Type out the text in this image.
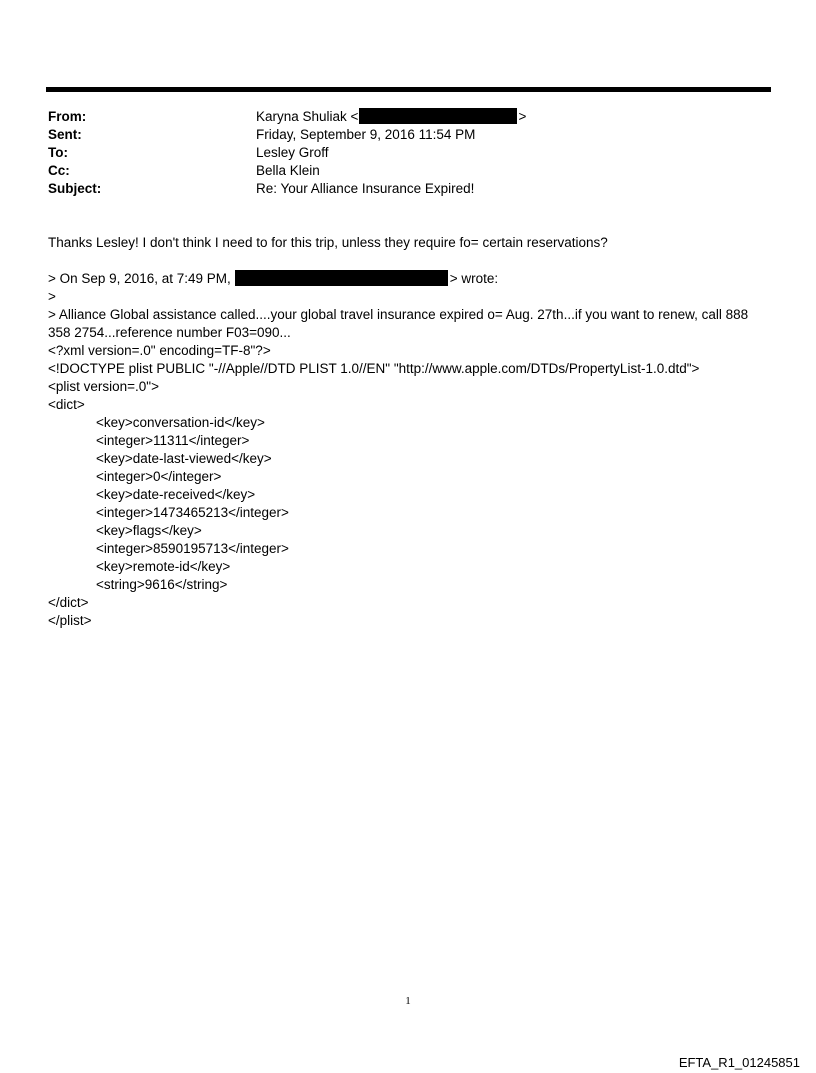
From:	Karyna Shuliak <	>
Sent:	Friday, September 9, 2016 11:54 PM
To:	Lesley Groff
Cc:	Bella Klein
Subject:	Re: Your Alliance Insurance Expired!

Thanks Lesley! I don't think I need to for this trip, unless they require fo= certain reservations?

> On Sep 9, 2016, at 7:49 PM,	> wrote:

>

> Alliance Global assistance called....your global travel insurance expired o= Aug. 27th...if you want to renew, call 888 358 2754...reference number F03=090...

<?xml version=.0" encoding=TF-8"?>

<!DOCTYPE plist PUBLIC "-//Apple//DTD PLIST 1.0//EN" "http://www.apple.com/DTDs/PropertyList-1.0.dtd">

<plist version=.0">

<dict>

<key>conversation-id</key>

<integer>11311</integer>

<key>date-last-viewed</key>

<integer>0</integer>

<key>date-received</key>

<integer>1473465213</integer>

<key>flags</key>

<integer>8590195713</integer>

<key>remote-id</key>

<string>9616</string>

</dict>

</plist>

1
EFTA_R1_01245851
